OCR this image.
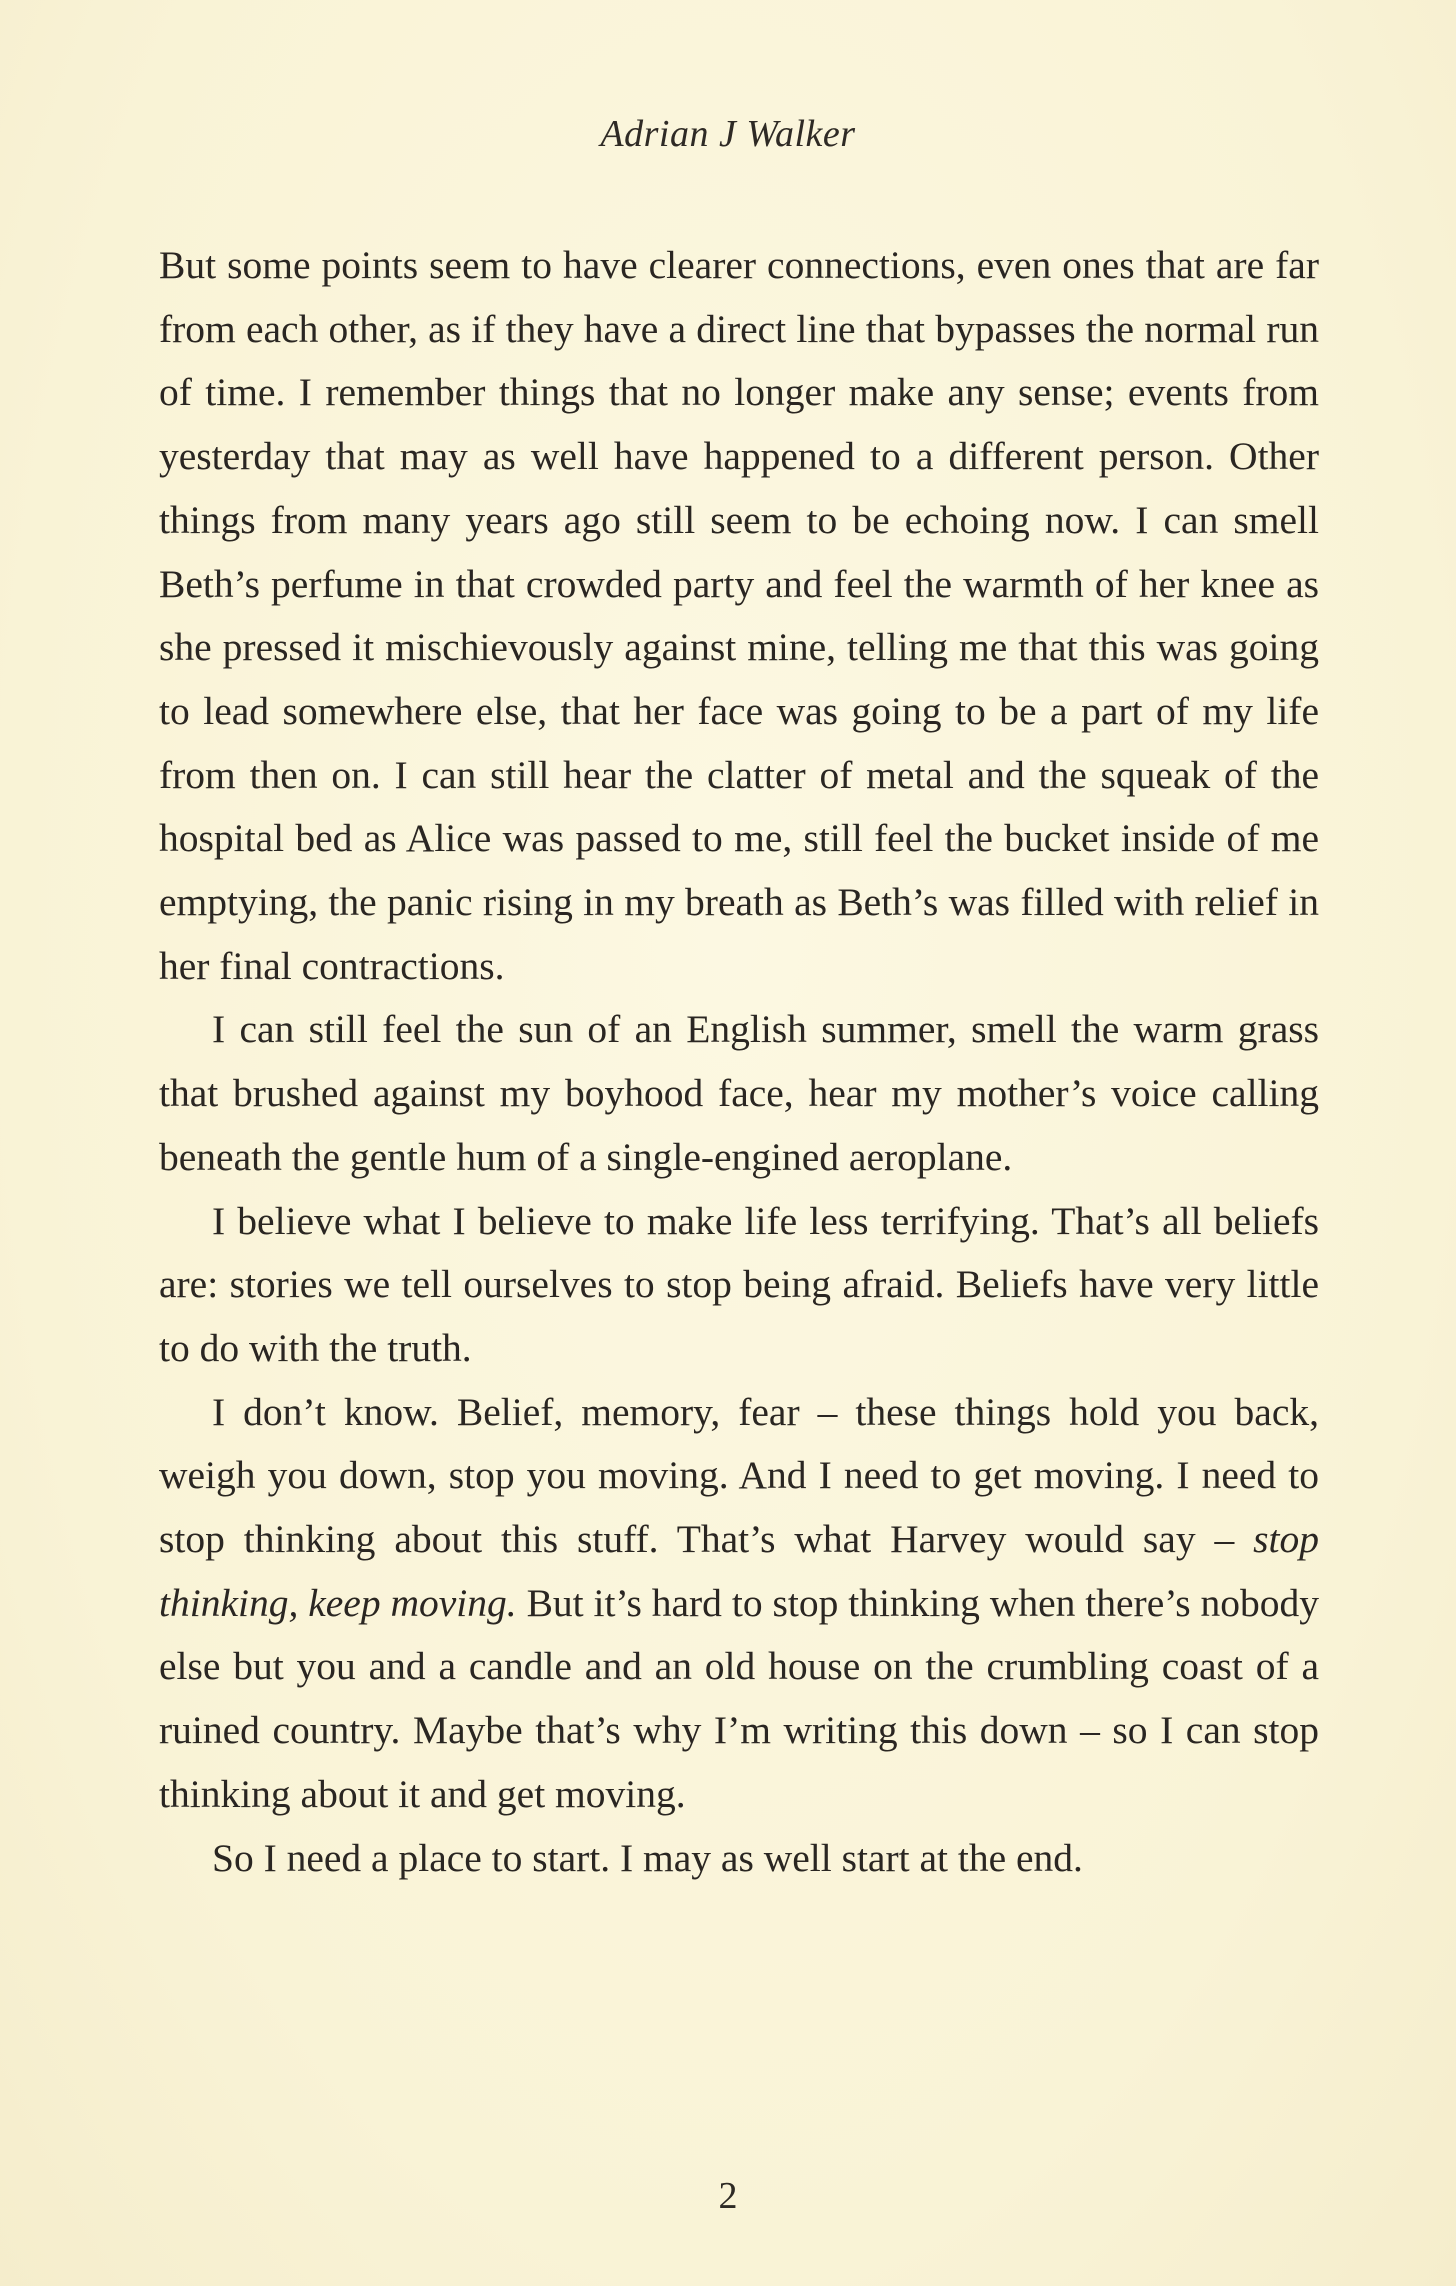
Adrian J Walker

But some points seem to have clearer connections, even ones that are far from each other, as if they have a direct line that bypasses the normal run of time. I remember things that no longer make any sense; events from yesterday that may as well have happened to a different person. Other things from many years ago still seem to be echoing now. I can smell Beth’s perfume in that crowded party and feel the warmth of her knee as she pressed it mischievously against mine, telling me that this was going to lead somewhere else, that her face was going to be a part of my life from then on. I can still hear the clatter of metal and the squeak of the hospital bed as Alice was passed to me, still feel the bucket inside of me emptying, the panic rising in my breath as Beth’s was filled with relief in her final contractions.

I can still feel the sun of an English summer, smell the warm grass that brushed against my boyhood face, hear my mother’s voice calling beneath the gentle hum of a single-engined aeroplane.

I believe what I believe to make life less terrifying. That’s all beliefs are: stories we tell ourselves to stop being afraid. Beliefs have very little to do with the truth.

I don’t know. Belief, memory, fear – these things hold you back, weigh you down, stop you moving. And I need to get moving. I need to stop thinking about this stuff. That’s what Harvey would say – stop thinking, keep moving. But it’s hard to stop thinking when there’s nobody else but you and a candle and an old house on the crumbling coast of a ruined country. Maybe that’s why I’m writing this down – so I can stop thinking about it and get moving.

So I need a place to start. I may as well start at the end.

2
